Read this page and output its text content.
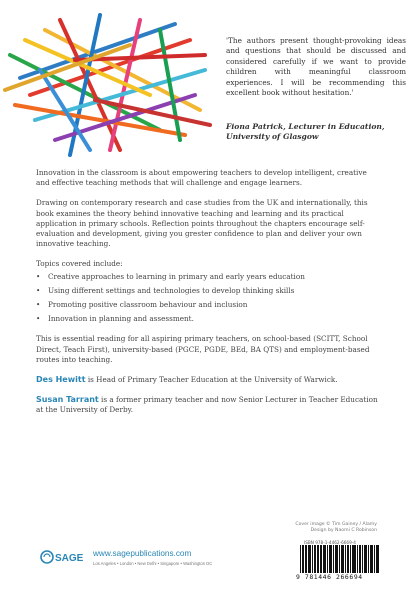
'The authors present thought-provoking ideas and questions that should be discussed and considered carefully if we want to provide children with meaningful classroom experiences. I will be recommending this excellent book without hesitation.'
Fiona Patrick, Lecturer in Education, University of Glasgow

Innovation in the classroom is about empowering teachers to develop intelligent, creative and effective teaching methods that will challenge and engage learners.

Drawing on contemporary research and case studies from the UK and internationally, this book examines the theory behind innovative teaching and learning and its practical application in primary schools. Reflection points throughout the chapters encourage self-evaluation and development, giving you grester confidence to plan and deliver your own innovative teaching.

Topics covered include:

• Creative approaches to learning in primary and early years education
• Using different settings and technologies to develop thinking skills
• Promoting positive classroom behaviour and inclusion
• Innovation in planning and assessment.

This is essential reading for all aspiring primary teachers, on school-based (SCITT, School Direct, Teach First), university-based (PGCE, PGDE, BEd, BA QTS) and employment-based routes into teaching.

Des Hewitt is Head of Primary Teacher Education at the University of Warwick.

Susan Tarrant is a former primary teacher and now Senior Lecturer in Teacher Education at the University of Derby.

Cover image © Tim Gainey / Alamy
Design by Naomi C Robinson
SAGE www.sagepublications.com
Los Angeles • London • New Delhi • Singapore • Washington DC
ISBN 978-1-4462-6669-4
9 781446 266694
